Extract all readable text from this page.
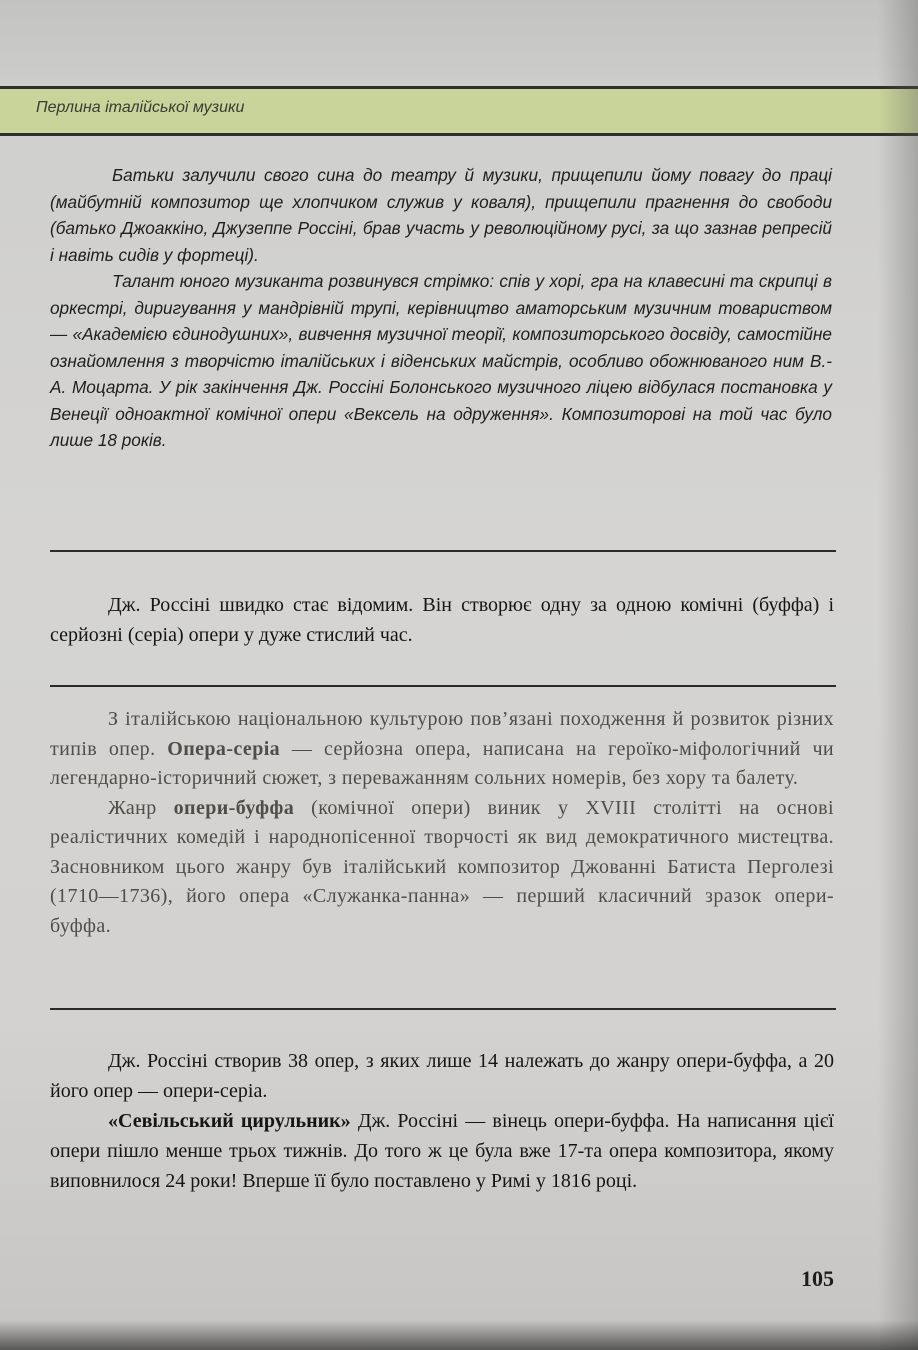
Перлина італійської музики

Батьки залучили свого сина до театру й музики, прищепили йому повагу до праці (майбутній композитор ще хлопчиком служив у коваля), прищепили прагнення до свободи (батько Джоаккіно, Джузеппе Россіні, брав участь у революційному русі, за що зазнав репресій і навіть сидів у фортеці).

Талант юного музиканта розвинувся стрімко: спів у хорі, гра на клавесині та скрипці в оркестрі, диригування у мандрівній трупі, керівництво аматорським музичним товариством — «Академією єдинодушних», вивчення музичної теорії, композиторського досвіду, самостійне ознайомлення з творчістю італійських і віденських майстрів, особливо обожнюваного ним В.-А. Моцарта. У рік закінчення Дж. Россіні Болонського музичного ліцею відбулася постановка у Венеції одноактної комічної опери «Вексель на одруження». Композиторові на той час було лише 18 років.

Дж. Россіні швидко стає відомим. Він створює одну за одною комічні (буффа) і серйозні (серіа) опери у дуже стислий час.

З італійською національною культурою пов’язані походження й розвиток різних типів опер. Опера-серіа — серйозна опера, написана на героїко-міфологічний чи легендарно-історичний сюжет, з переважанням сольних номерів, без хору та балету.

Жанр опери-буффа (комічної опери) виник у XVIII столітті на основі реалістичних комедій і народнопісенної творчості як вид демократичного мистецтва. Засновником цього жанру був італійський композитор Джованні Батиста Перголезі (1710—1736), його опера «Служанка-панна» — перший класичний зразок опери-буффа.

Дж. Россіні створив 38 опер, з яких лише 14 належать до жанру опери-буффа, а 20 його опер — опери-серіа.

«Севільський цирульник» Дж. Россіні — вінець опери-буффа. На написання цієї опери пішло менше трьох тижнів. До того ж це була вже 17-та опера композитора, якому виповнилося 24 роки! Вперше її було поставлено у Римі у 1816 році.

105
